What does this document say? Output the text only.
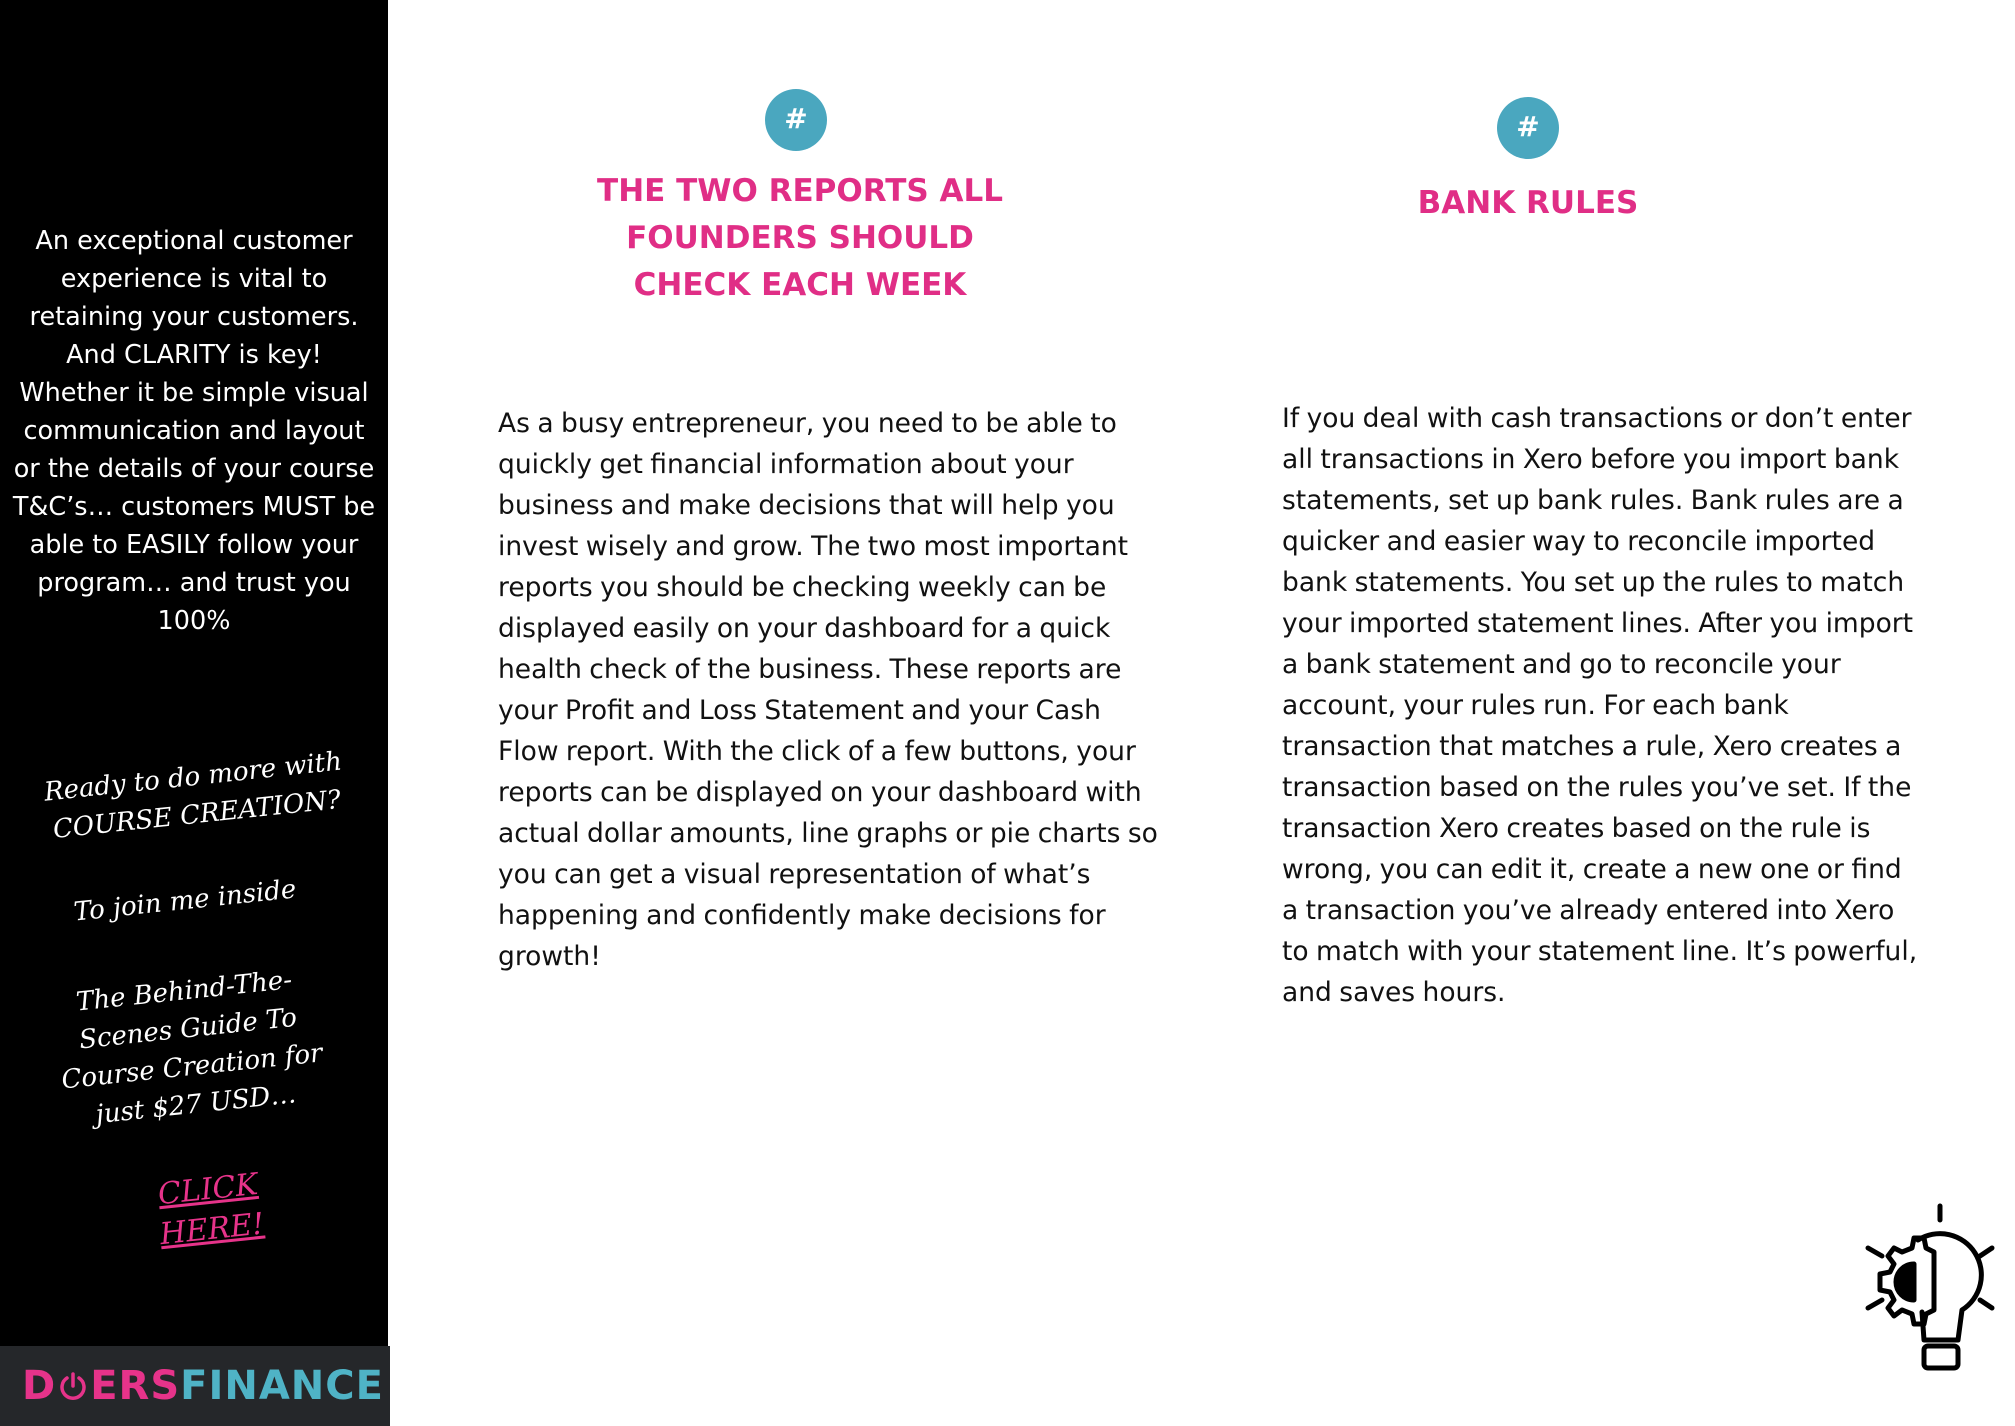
An exceptional customer experience is vital to retaining your customers. And CLARITY is key! Whether it be simple visual communication and layout or the details of your course T&C’s… customers MUST be able to EASILY follow your program… and trust you 100%

Ready to do more with COURSE CREATION?

To join me inside

The Behind-The-Scenes Guide To Course Creation for just $27 USD…

CLICK HERE!
D ERS FINANCE
#
THE TWO REPORTS ALL FOUNDERS SHOULD CHECK EACH WEEK

As a busy entrepreneur, you need to be able to quickly get financial information about your business and make decisions that will help you invest wisely and grow. The two most important reports you should be checking weekly can be displayed easily on your dashboard for a quick health check of the business. These reports are your Profit and Loss Statement and your Cash Flow report. With the click of a few buttons, your reports can be displayed on your dashboard with actual dollar amounts, line graphs or pie charts so you can get a visual representation of what’s happening and confidently make decisions for growth!

#
BANK RULES

If you deal with cash transactions or don’t enter all transactions in Xero before you import bank statements, set up bank rules. Bank rules are a quicker and easier way to reconcile imported bank statements. You set up the rules to match your imported statement lines. After you import a bank statement and go to reconcile your account, your rules run. For each bank transaction that matches a rule, Xero creates a transaction based on the rules you’ve set. If the transaction Xero creates based on the rule is wrong, you can edit it, create a new one or find a transaction you’ve already entered into Xero to match with your statement line. It’s powerful, and saves hours.
